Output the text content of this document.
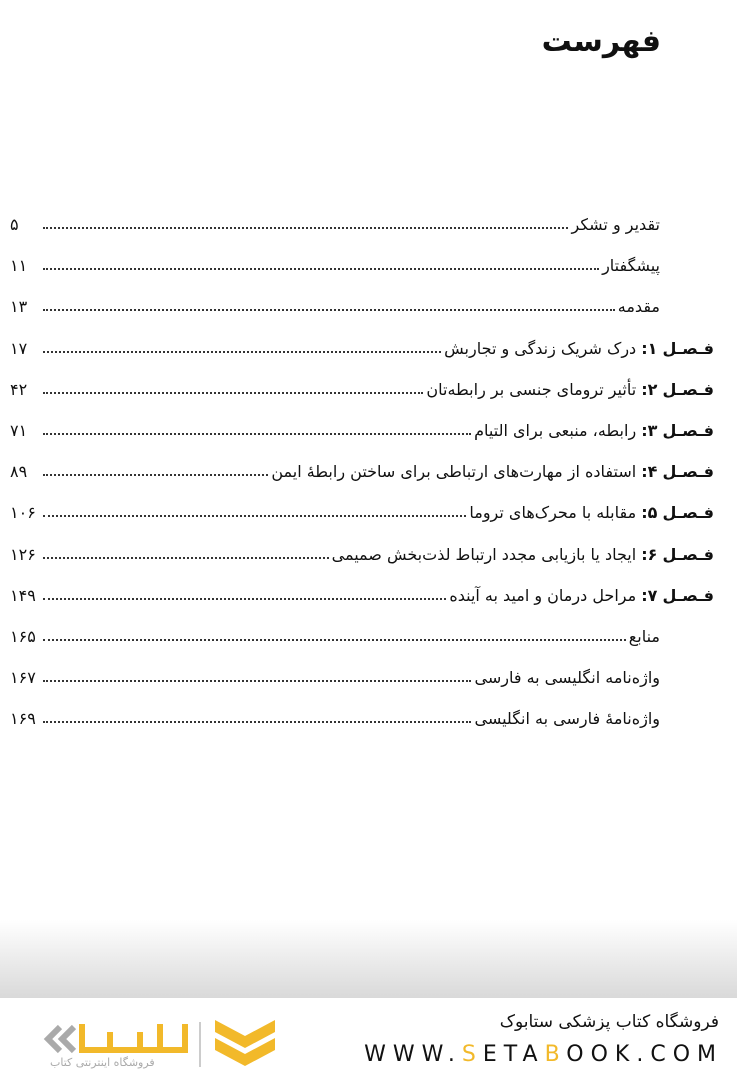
فهرست
تقدیر و تشکر
۵
پیشگفتار
۱۱
مقدمه
۱۳
فـصـل ۱: درک شریک زندگی و تجاربش
۱۷
فـصـل ۲: تأثیر ترومای جنسی بر رابطه‌تان
۴۲
فـصـل ۳: رابطه، منبعی برای التیام
۷۱
فـصـل ۴: استفاده از مهارت‌های ارتباطی برای ساختن رابطۀ ایمن
۸۹
فـصـل ۵: مقابله با محرک‌های تروما
۱۰۶
فـصـل ۶: ایجاد یا بازیابی مجدد ارتباط لذت‌بخش صمیمی
۱۲۶
فـصـل ۷: مراحل درمان و امید به آینده
۱۴۹
منابع
۱۶۵
واژه‌نامه انگلیسی به فارسی
۱۶۷
واژه‌نامۀ فارسی به انگلیسی
۱۶۹
فروشگاه اینترنتی کتاب
فروشگاه کتاب پزشکی ستابوک
WWW.SETABOOK.COM
